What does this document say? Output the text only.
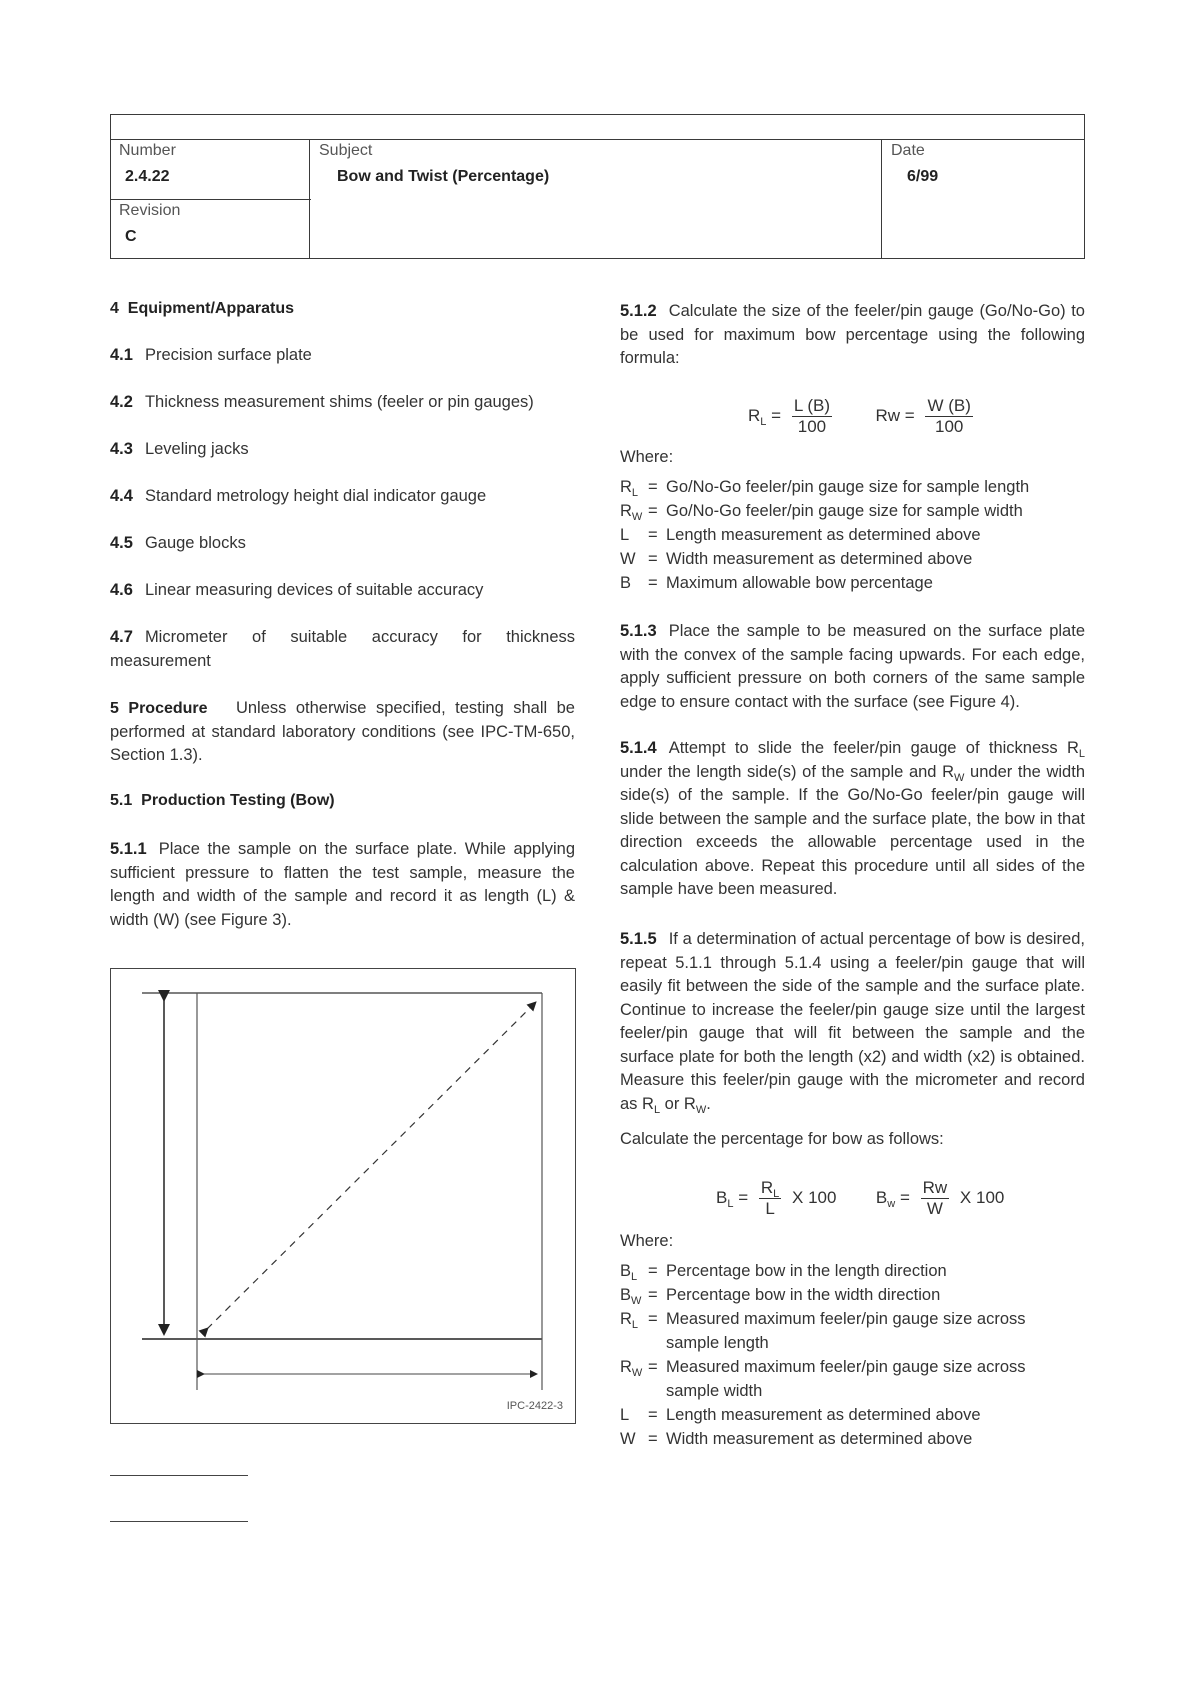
Number
2.4.22
Subject
Bow and Twist (Percentage)
Date
6/99
Revision
C
4 Equipment/Apparatus
4.1 Precision surface plate
4.2 Thickness measurement shims (feeler or pin gauges)
4.3 Leveling jacks
4.4 Standard metrology height dial indicator gauge
4.5 Gauge blocks
4.6 Linear measuring devices of suitable accuracy
4.7 Micrometer of suitable accuracy for thickness measurement
5 Procedure Unless otherwise specified, testing shall be performed at standard laboratory conditions (see IPC-TM-650, Section 1.3).
5.1 Production Testing (Bow)
5.1.1 Place the sample on the surface plate. While applying sufficient pressure to flatten the test sample, measure the length and width of the sample and record it as length (L) & width (W) (see Figure 3).
IPC-2422-3
5.1.2 Calculate the size of the feeler/pin gauge (Go/No-Go) to be used for maximum bow percentage using the following formula:
$R_L = \frac{L (B)}{100}$	$Rw = \frac{W (B)}{100}$
Where:
$R_L = Go/No-Go$ feeler/pin gauge size for sample length
$R_W = Go/No-Go$ feeler/pin gauge size for sample width
L	= Length measurement as determined above
W = Width measurement as determined above
B	= Maximum allowable bow percentage
5.1.3 Place the sample to be measured on the surface plate with the convex of the sample facing upwards. For each edge, apply sufficient pressure on both corners of the same sample edge to ensure contact with the surface (see Figure 4).
5.1.4 Attempt to slide the feeler/pin gauge of thickness $R_L$ under the length side(s) of the sample and $R_W$ under the width side(s) of the sample. If the Go/No-Go feeler/pin gauge will slide between the sample and the surface plate, the bow in that direction exceeds the allowable percentage used in the calculation above. Repeat this procedure until all sides of the sample have been measured.
5.1.5 If a determination of actual percentage of bow is desired, repeat 5.1.1 through 5.1.4 using a feeler/pin gauge that will easily fit between the side of the sample and the surface plate. Continue to increase the feeler/pin gauge size until the largest feeler/pin gauge that will fit between the sample and the surface plate for both the length (x2) and width (x2) is obtained. Measure this feeler/pin gauge with the micrometer and record as $R_L$ or $R_W$.
Calculate the percentage for bow as follows:
$B_L = \frac{R_L}{L}$ X 100 $B_w = \frac{Rw}{W}$ X 100
Where:
$B_L$ = Percentage bow in the length direction
$B_W$ = Percentage bow in the width direction
$R_L$ = Measured maximum feeler/pin gauge size across sample length
$R_W$ = Measured maximum feeler/pin gauge size across sample width
L	= Length measurement as determined above
W = Width measurement as determined above
